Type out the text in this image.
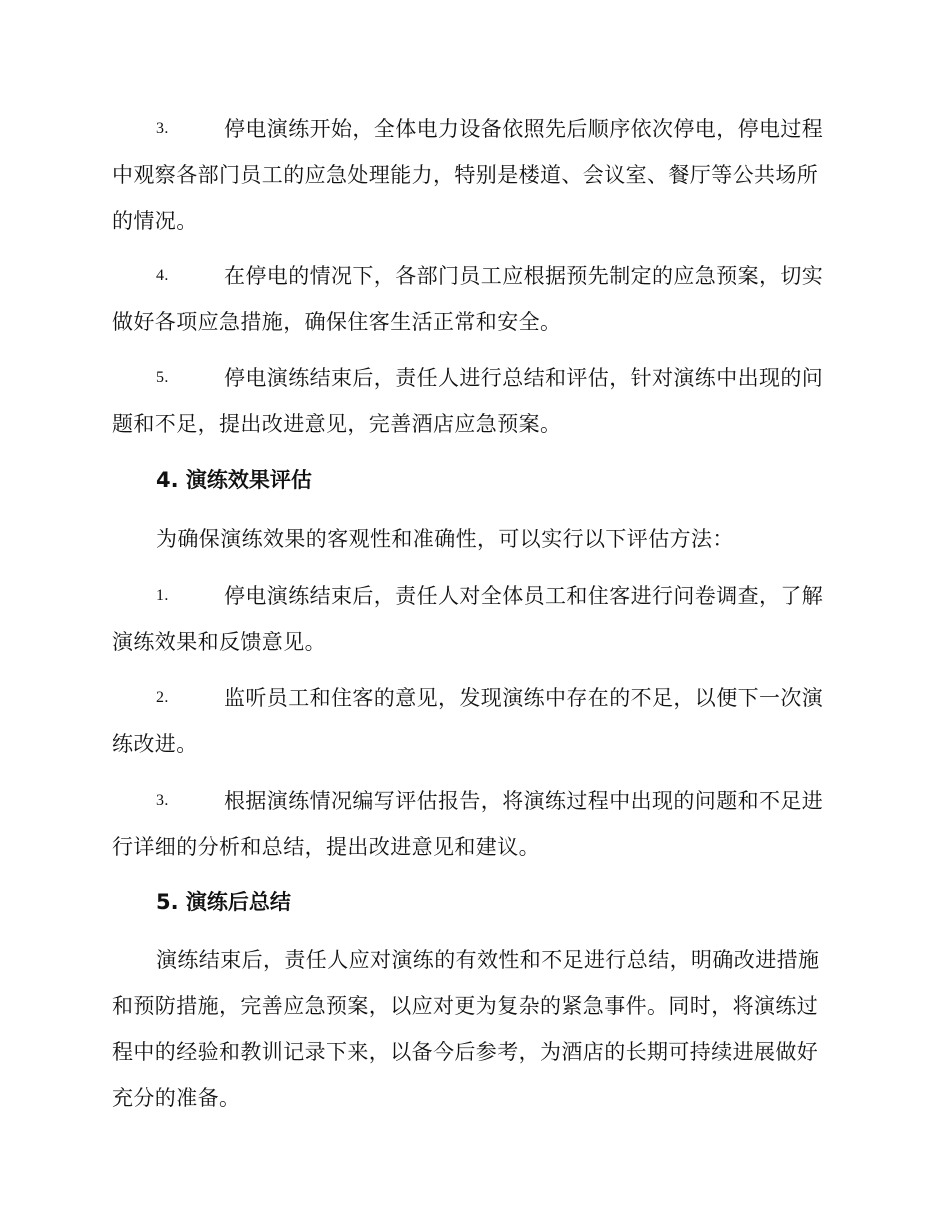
3.	停电演练开始，全体电力设备依照先后顺序依次停电，停电过程中观察各部门员工的应急处理能力，特别是楼道、会议室、餐厅等公共场所的情况。
4.	在停电的情况下，各部门员工应根据预先制定的应急预案，切实做好各项应急措施，确保住客生活正常和安全。
5.	停电演练结束后，责任人进行总结和评估，针对演练中出现的问题和不足，提出改进意见，完善酒店应急预案。
4. 演练效果评估
为确保演练效果的客观性和准确性，可以实行以下评估方法：
1.	停电演练结束后，责任人对全体员工和住客进行问卷调查，了解演练效果和反馈意见。
2.	监听员工和住客的意见，发现演练中存在的不足，以便下一次演练改进。
3.	根据演练情况编写评估报告，将演练过程中出现的问题和不足进行详细的分析和总结，提出改进意见和建议。
5. 演练后总结
演练结束后，责任人应对演练的有效性和不足进行总结，明确改进措施和预防措施，完善应急预案，以应对更为复杂的紧急事件。同时，将演练过程中的经验和教训记录下来，以备今后参考，为酒店的长期可持续进展做好充分的准备。
